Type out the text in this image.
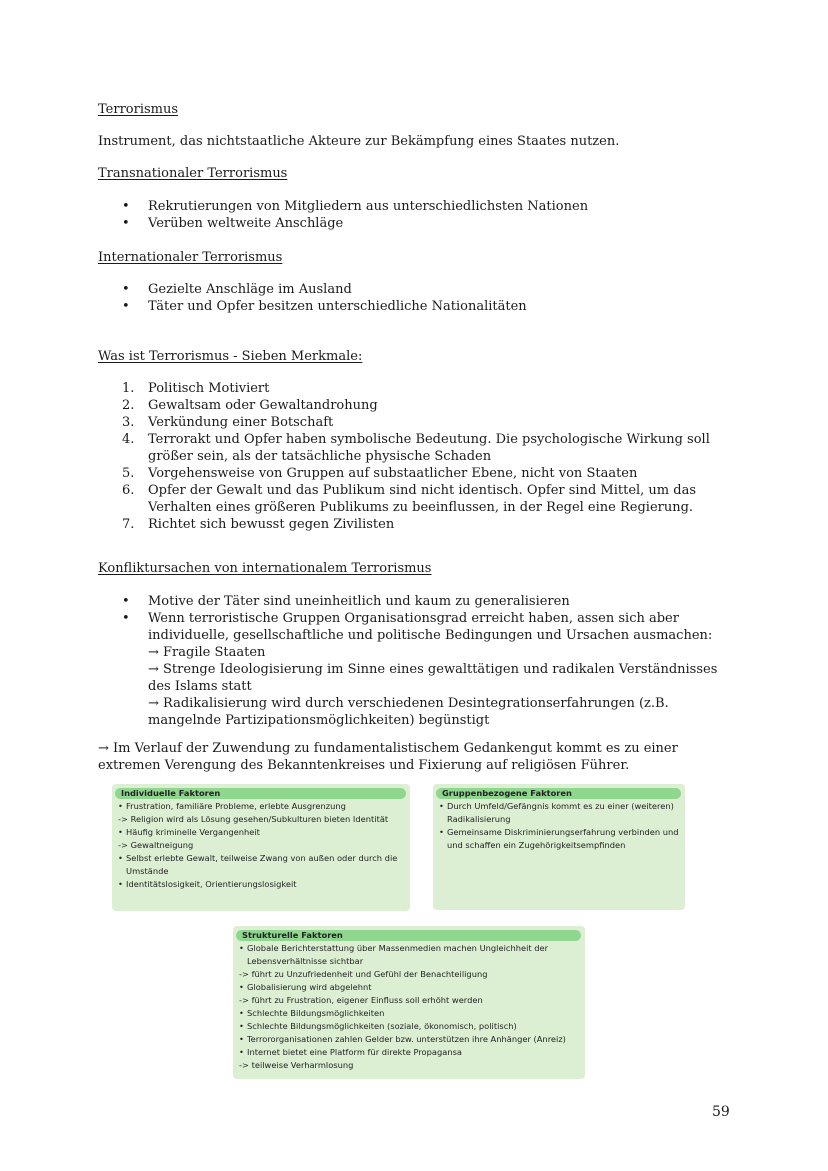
Terrorismus
Instrument, das nichtstaatliche Akteure zur Bekämpfung eines Staates nutzen.
Transnationaler Terrorismus
• Rekrutierungen von Mitgliedern aus unterschiedlichsten Nationen
• Verüben weltweite Anschläge
Internationaler Terrorismus
• Gezielte Anschläge im Ausland
• Täter und Opfer besitzen unterschiedliche Nationalitäten
Was ist Terrorismus - Sieben Merkmale:
1.	Politisch Motiviert
2.	Gewaltsam oder Gewaltandrohung
3.	Verkündung einer Botschaft
4.	Terrorakt und Opfer haben symbolische Bedeutung. Die psychologische Wirkung soll größer sein, als der tatsächliche physische Schaden
5.	Vorgehensweise von Gruppen auf substaatlicher Ebene, nicht von Staaten
6.	Opfer der Gewalt und das Publikum sind nicht identisch. Opfer sind Mittel, um das Verhalten eines größeren Publikums zu beeinflussen, in der Regel eine Regierung.
7.	Richtet sich bewusst gegen Zivilisten
Konfliktursachen von internationalem Terrorismus
• Motive der Täter sind uneinheitlich und kaum zu generalisieren
• Wenn terroristische Gruppen Organisationsgrad erreicht haben, assen sich aber individuelle, gesellschaftliche und politische Bedingungen und Ursachen ausmachen:
→ Fragile Staaten
→ Strenge Ideologisierung im Sinne eines gewalttätigen und radikalen Verständnisses des Islams statt
→ Radikalisierung wird durch verschiedenen Desintegrationserfahrungen (z.B. mangelnde Partizipationsmöglichkeiten) begünstigt
→ Im Verlauf der Zuwendung zu fundamentalistischem Gedankengut kommt es zu einer extremen Verengung des Bekanntenkreises und Fixierung auf religiösen Führer.
Individuelle Faktoren
• Frustration, familiäre Probleme, erlebte Ausgrenzung
-> Religion wird als Lösung gesehen/Subkulturen bieten Identität
• Häufig kriminelle Vergangenheit
-> Gewaltneigung
• Selbst erlebte Gewalt, teilweise Zwang von außen oder durch die
Umstände
• Identitätslosigkeit, Orientierungslosigkeit
Gruppenbezogene Faktoren
• Durch Umfeld/Gefängnis kommt es zu einer (weiteren)
Radikalisierung
• Gemeinsame Diskriminierungserfahrung verbinden und
und schaffen ein Zugehörigkeitsempfinden
Strukturelle Faktoren
• Globale Berichterstattung über Massenmedien machen Ungleichheit der
Lebensverhältnisse sichtbar
-> führt zu Unzufriedenheit und Gefühl der Benachteiligung
• Globalisierung wird abgelehnt
-> führt zu Frustration, eigener Einfluss soll erhöht werden
• Schlechte Bildungsmöglichkeiten
• Schlechte Bildungsmöglichkeiten (soziale, ökonomisch, politisch)
• Terrororganisationen zahlen Gelder bzw. unterstützen ihre Anhänger (Anreiz)
• Internet bietet eine Platform für direkte Propagansa
-> teilweise Verharmlosung
59
